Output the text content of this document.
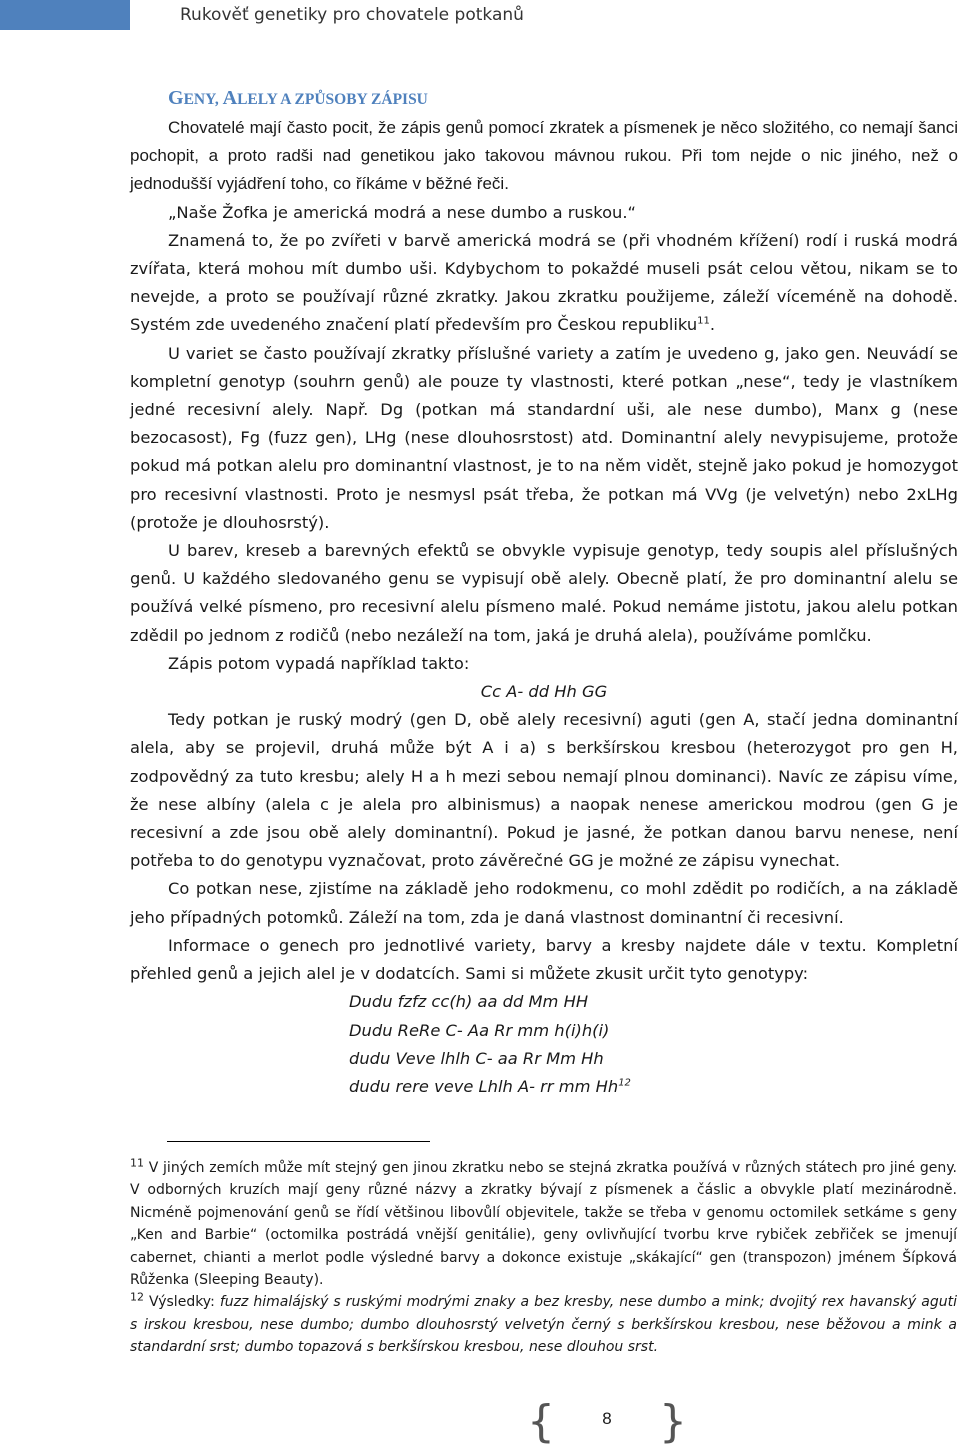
Rukověť genetiky pro chovatele potkanů
GENY, ALELY A ZPŮSOBY ZÁPISU

Chovatelé mají často pocit, že zápis genů pomocí zkratek a písmenek je něco složitého, co nemají šanci pochopit, a proto radši nad genetikou jako takovou mávnou rukou. Při tom nejde o nic jiného, než o jednodušší vyjádření toho, co říkáme v běžné řeči.

„Naše Žofka je americká modrá a nese dumbo a ruskou.“

Znamená to, že po zvířeti v barvě americká modrá se (při vhodném křížení) rodí i ruská modrá zvířata, která mohou mít dumbo uši. Kdybychom to pokaždé museli psát celou větou, nikam se to nevejde, a proto se používají různé zkratky. Jakou zkratku použijeme, záleží víceméně na dohodě. Systém zde uvedeného značení platí především pro Českou republiku$^{11}$.

U variet se často používají zkratky příslušné variety a zatím je uvedeno g, jako gen. Neuvádí se kompletní genotyp (souhrn genů) ale pouze ty vlastnosti, které potkan „nese“, tedy je vlastníkem jedné recesivní alely. Např. Dg (potkan má standardní uši, ale nese dumbo), Manx g (nese bezocasost), Fg (fuzz gen), LHg (nese dlouhosrstost) atd. Dominantní alely nevypisujeme, protože pokud má potkan alelu pro dominantní vlastnost, je to na něm vidět, stejně jako pokud je homozygot pro recesivní vlastnosti. Proto je nesmysl psát třeba, že potkan má VVg (je velvetýn) nebo 2xLHg (protože je dlouhosrstý).

U barev, kreseb a barevných efektů se obvykle vypisuje genotyp, tedy soupis alel příslušných genů. U každého sledovaného genu se vypisují obě alely. Obecně platí, že pro dominantní alelu se používá velké písmeno, pro recesivní alelu písmeno malé. Pokud nemáme jistotu, jakou alelu potkan zdědil po jednom z rodičů (nebo nezáleží na tom, jaká je druhá alela), používáme pomlčku.

Zápis potom vypadá například takto:

Cc A- dd Hh GG

Tedy potkan je ruský modrý (gen D, obě alely recesivní) aguti (gen A, stačí jedna dominantní alela, aby se projevil, druhá může být A i a) s berkšírskou kresbou (heterozygot pro gen H, zodpovědný za tuto kresbu; alely H a h mezi sebou nemají plnou dominanci). Navíc ze zápisu víme, že nese albíny (alela c je alela pro albinismus) a naopak nenese americkou modrou (gen G je recesivní a zde jsou obě alely dominantní). Pokud je jasné, že potkan danou barvu nenese, není potřeba to do genotypu vyznačovat, proto závěrečné GG je možné ze zápisu vynechat.

Co potkan nese, zjistíme na základě jeho rodokmenu, co mohl zdědit po rodičích, a na základě jeho případných potomků. Záleží na tom, zda je daná vlastnost dominantní či recesivní.

Informace o genech pro jednotlivé variety, barvy a kresby najdete dále v textu. Kompletní přehled genů a jejich alel je v dodatcích. Sami si můžete zkusit určit tyto genotypy:

Dudu fzfz cc(h) aa dd Mm HH
Dudu ReRe C- Aa Rr mm h(i)h(i)
dudu Veve lhlh C- aa Rr Mm Hh
dudu rere veve Lhlh A- rr mm Hh$^{12}$

$^{11}$ V jiných zemích může mít stejný gen jinou zkratku nebo se stejná zkratka používá v různých státech pro jiné geny. V odborných kruzích mají geny různé názvy a zkratky bývají z písmenek a čáslic a obvykle platí mezinárodně. Nicméně pojmenování genů se řídí většinou libovůlí objevitele, takže se třeba v genomu octomilek setkáme s geny „Ken and Barbie“ (octomilka postrádá vnější genitálie), geny ovlivňující tvorbu krve rybiček zebřiček se jmenují cabernet, chianti a merlot podle výsledné barvy a dokonce existuje „skákající“ gen (transpozon) jménem Šípková Růženka (Sleeping Beauty).

$^{12}$ Výsledky: fuzz himalájský s ruskými modrými znaky a bez kresby, nese dumbo a mink; dvojitý rex havanský aguti s irskou kresbou, nese dumbo; dumbo dlouhosrstý velvetýn černý s berkšírskou kresbou, nese běžovou a mink a standardní srst; dumbo topazová s berkšírskou kresbou, nese dlouhou srst.

{	8	}
